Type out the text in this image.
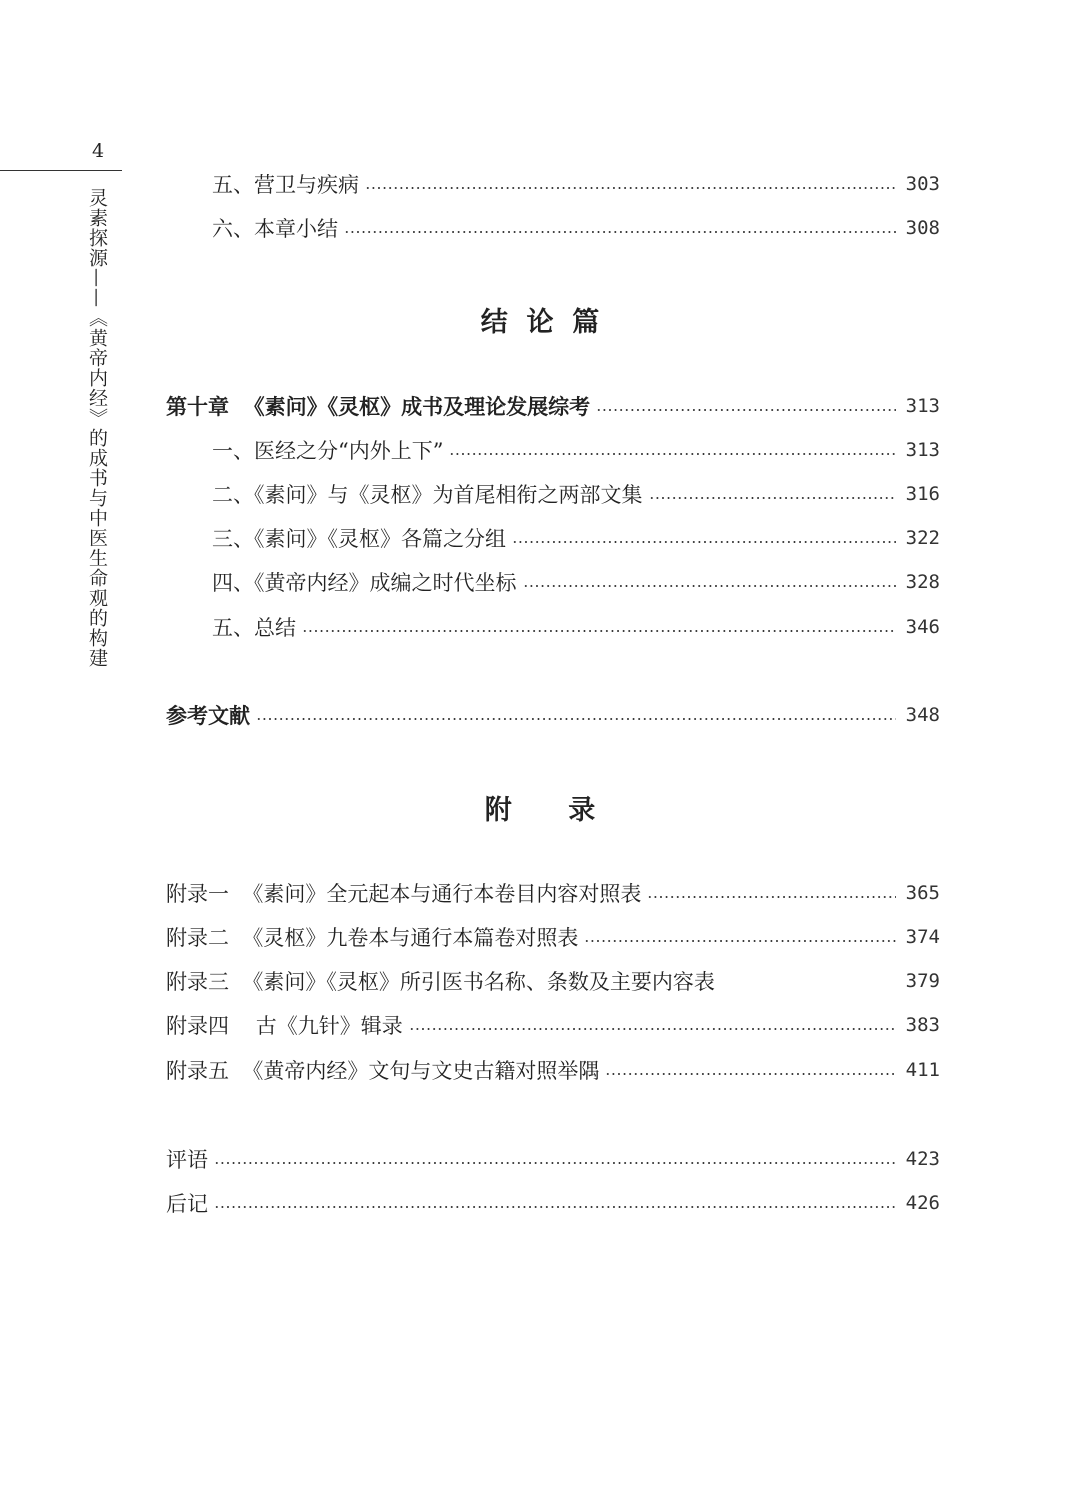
4
灵素探源——《黄帝内经》的成书与中医生命观的构建
五、营卫与疾病	303
六、本章小结	308
结  论  篇
第十章  《素问》《灵枢》成书及理论发展综考	313
一、医经之分“内外上下”	313
二、《素问》与《灵枢》为首尾相衔之两部文集	316
三、《素问》《灵枢》各篇之分组	322
四、《黄帝内经》成编之时代坐标	328
五、总结	346
参考文献	348
附      录
附录一  《素问》全元起本与通行本卷目内容对照表	365
附录二  《灵枢》九卷本与通行本篇卷对照表	374
附录三  《素问》《灵枢》所引医书名称、条数及主要内容表	379
附录四    古《九针》辑录	383
附录五  《黄帝内经》文句与文史古籍对照举隅	411
评语	423
后记	426
